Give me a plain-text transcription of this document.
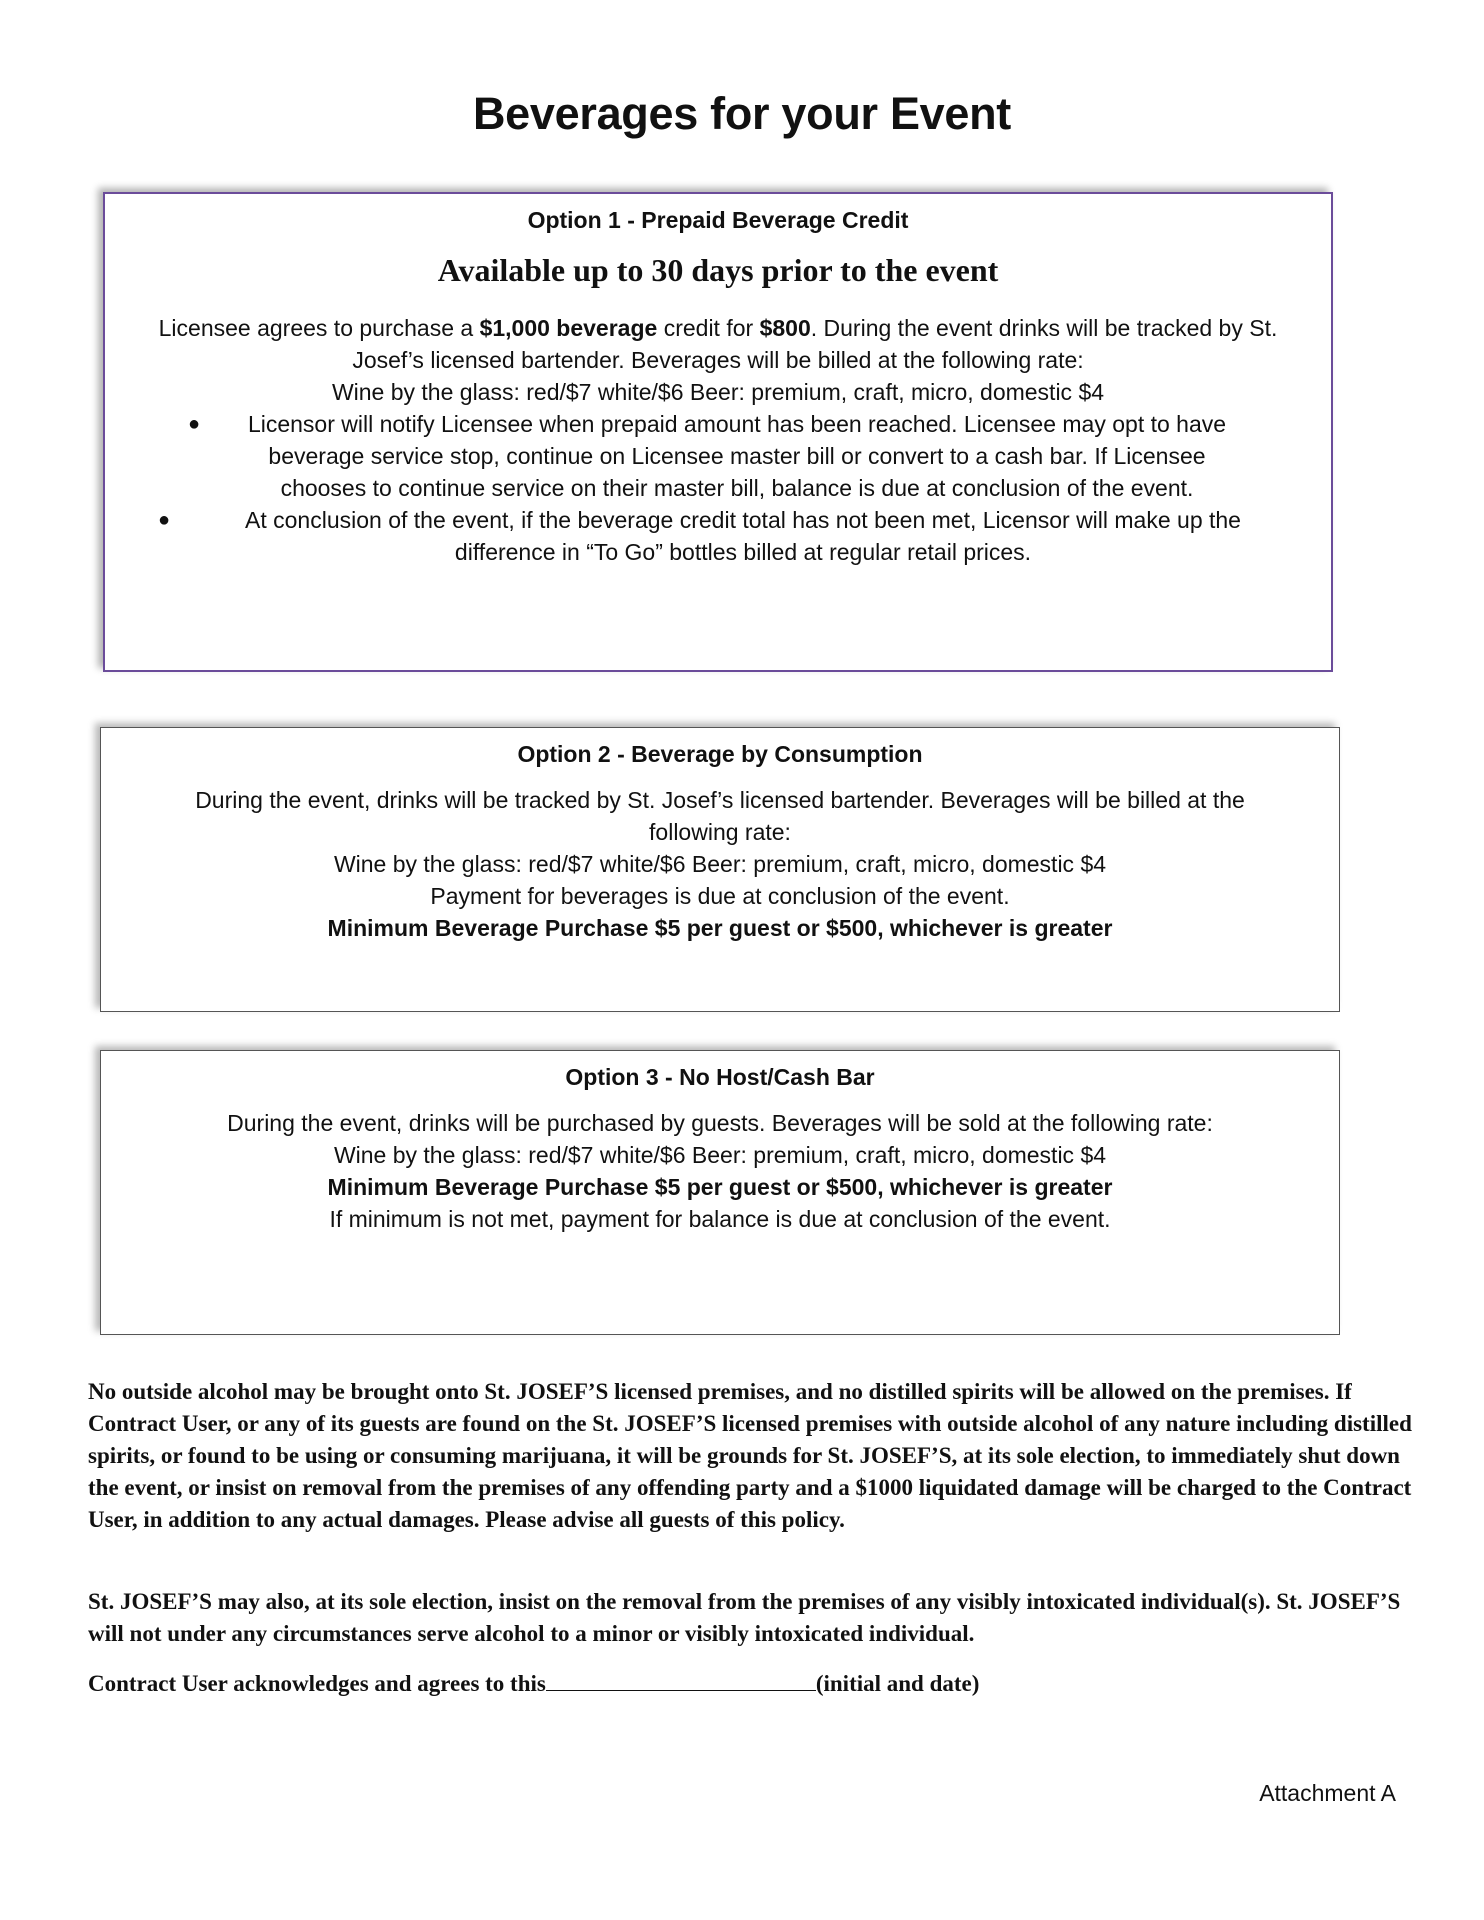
Beverages for your Event
Option 1 - Prepaid Beverage Credit
Available up to 30 days prior to the event
Licensee agrees to purchase a $1,000 beverage credit for $800. During the event drinks will be tracked by St.
Josef’s licensed bartender. Beverages will be billed at the following rate:
Wine by the glass: red/$7 white/$6 Beer: premium, craft, micro, domestic $4
● Licensor will notify Licensee when prepaid amount has been reached. Licensee may opt to have beverage service stop, continue on Licensee master bill or convert to a cash bar. If Licensee chooses to continue service on their master bill, balance is due at conclusion of the event.
●	At conclusion of the event, if the beverage credit total has not been met, Licensor will make up the difference in “To Go” bottles billed at regular retail prices.
Option 2 - Beverage by Consumption
During the event, drinks will be tracked by St. Josef’s licensed bartender. Beverages will be billed at the
following rate:
Wine by the glass: red/$7 white/$6 Beer: premium, craft, micro, domestic $4
Payment for beverages is due at conclusion of the event.
Minimum Beverage Purchase $5 per guest or $500, whichever is greater
Option 3 - No Host/Cash Bar
During the event, drinks will be purchased by guests. Beverages will be sold at the following rate:
Wine by the glass: red/$7 white/$6 Beer: premium, craft, micro, domestic $4
Minimum Beverage Purchase $5 per guest or $500, whichever is greater
If minimum is not met, payment for balance is due at conclusion of the event.
No outside alcohol may be brought onto St. JOSEF’S licensed premises, and no distilled spirits will be allowed on the premises. If Contract User, or any of its guests are found on the St. JOSEF’S licensed premises with outside alcohol of any nature including distilled spirits, or found to be using or consuming marijuana, it will be grounds for St. JOSEF’S, at its sole election, to immediately shut down the event, or insist on removal from the premises of any offending party and a $1000 liquidated damage will be charged to the Contract User, in addition to any actual damages. Please advise all guests of this policy.
St. JOSEF’S may also, at its sole election, insist on the removal from the premises of any visibly intoxicated individual(s). St. JOSEF’S will not under any circumstances serve alcohol to a minor or visibly intoxicated individual.
Contract User acknowledges and agrees to this	(initial and date)
Attachment A
